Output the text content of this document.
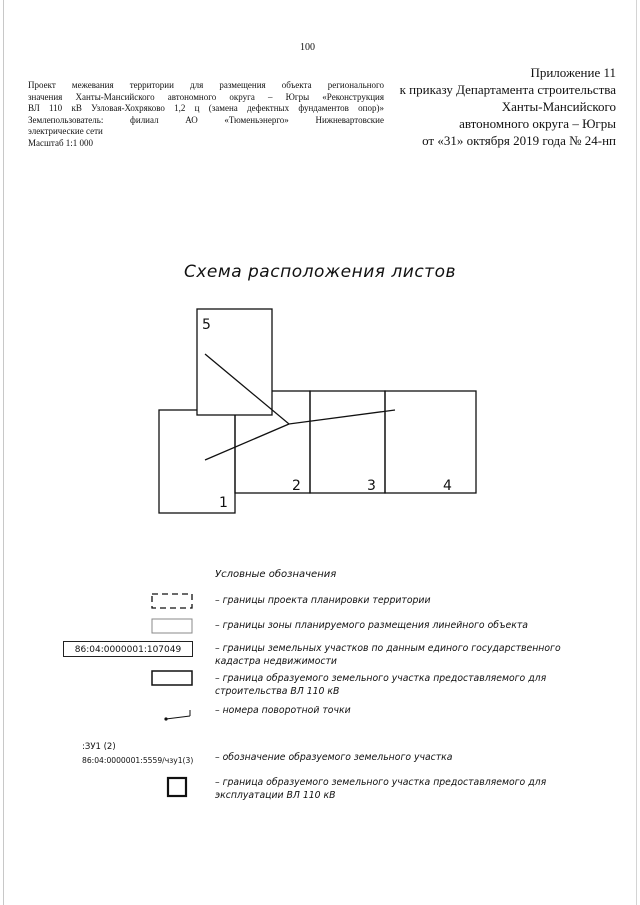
100
Приложение 11
к приказу Департамента строительства
Ханты-Мансийского
автономного округа – Югры
от «31» октября 2019 года № 24-нп
Проект межевания территории для размещения объекта регионального
значения Ханты-Мансийского автономного округа – Югры «Реконструкция
ВЛ 110 кВ Узловая-Хохряково 1,2 ц (замена дефектных фундаментов опор)»
Землепользователь: филиал АО «Тюменьэнерго» Нижневартовские
электрические сети
Масштаб 1:1 000
Схема расположения листов
1
2	3	4
5
Условные обозначения
86:04:0000001:107049
:ЗУ1 (2)
86:04:0000001:5559/чзу1(3)
– границы проекта планировки территории
– границы зоны планируемого размещения линейного объекта
– границы земельных участков по данным единого государственного
кадастра недвижимости
– граница образуемого земельного участка предоставляемого для
строительства ВЛ 110 кВ
– номера поворотной точки
– обозначение образуемого земельного участка
– граница образуемого земельного участка предоставляемого для
эксплуатации ВЛ 110 кВ
